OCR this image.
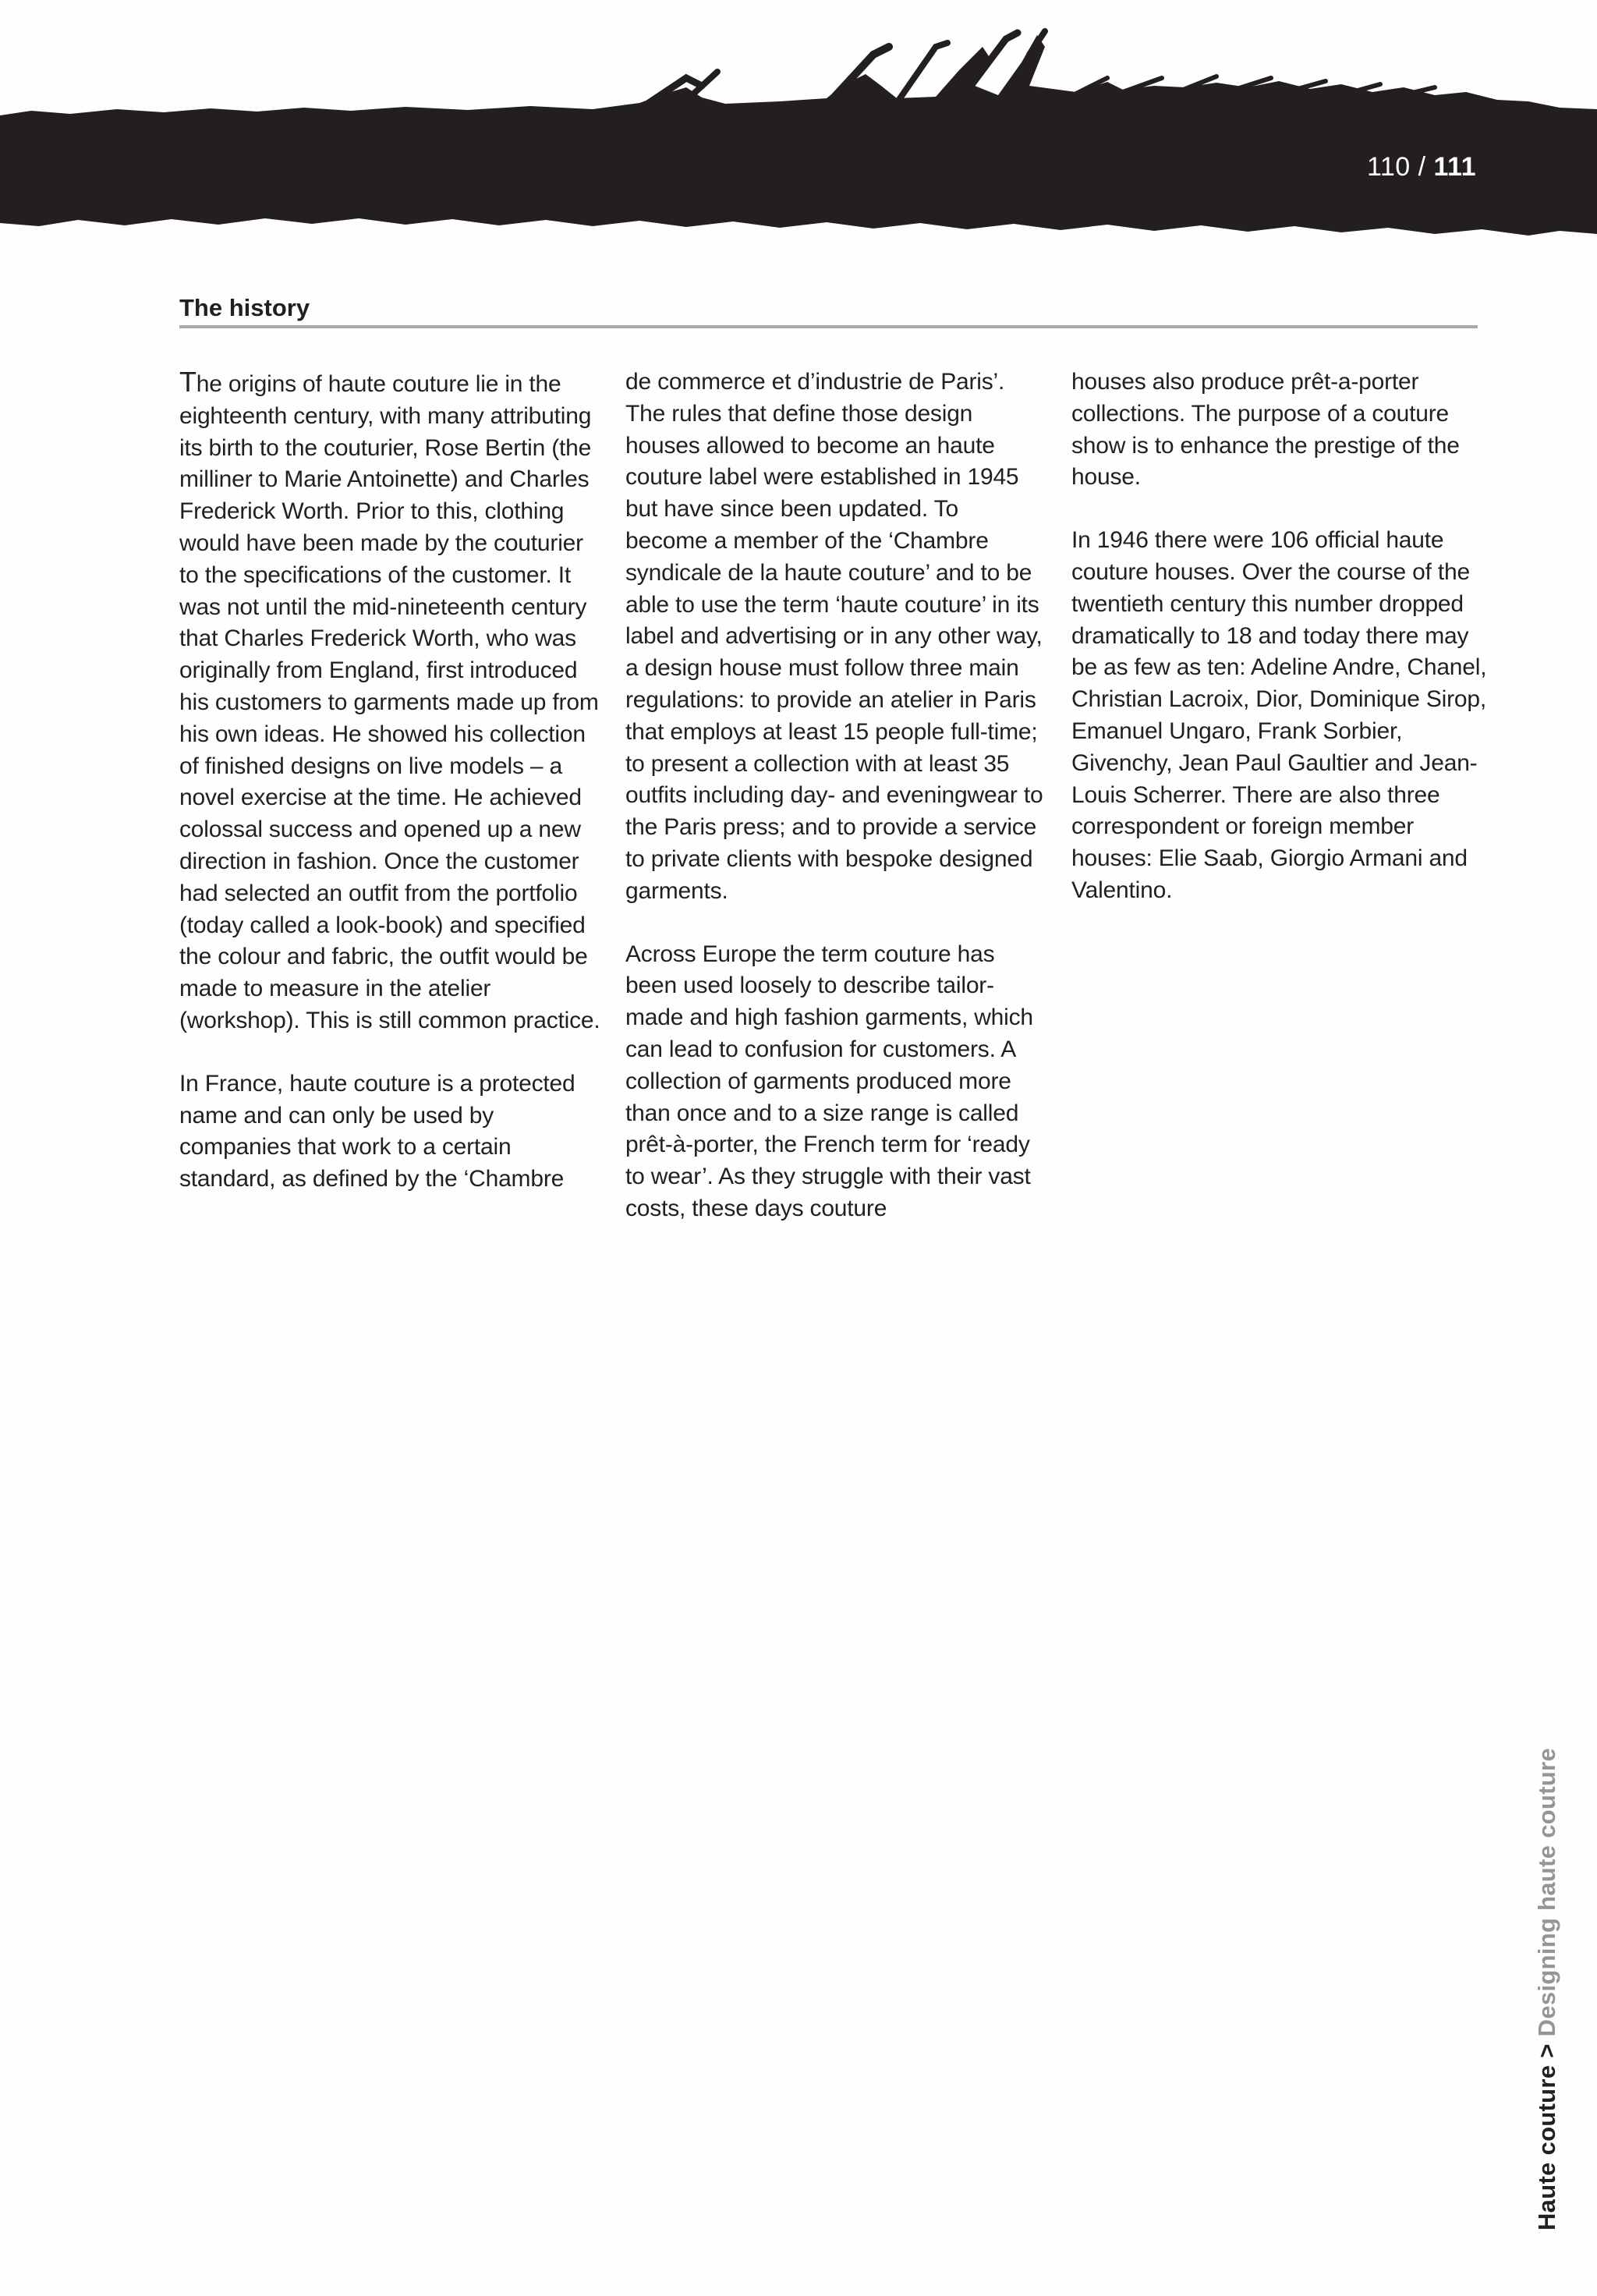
110 / 111
The history

The origins of haute couture lie in the eighteenth century, with many attributing its birth to the couturier, Rose Bertin (the milliner to Marie Antoinette) and Charles Frederick Worth. Prior to this, clothing would have been made by the couturier to the specifications of the customer. It was not until the mid-nineteenth century that Charles Frederick Worth, who was originally from England, first introduced his customers to garments made up from his own ideas. He showed his collection of finished designs on live models – a novel exercise at the time. He achieved colossal success and opened up a new direction in fashion. Once the customer had selected an outfit from the portfolio (today called a look-book) and specified the colour and fabric, the outfit would be made to measure in the atelier (workshop). This is still common practice.

In France, haute couture is a protected name and can only be used by companies that work to a certain standard, as defined by the ‘Chambre

de commerce et d’industrie de Paris’. The rules that define those design houses allowed to become an haute couture label were established in 1945 but have since been updated. To become a member of the ‘Chambre syndicale de la haute couture’ and to be able to use the term ‘haute couture’ in its label and advertising or in any other way, a design house must follow three main regulations: to provide an atelier in Paris that employs at least 15 people full-time; to present a collection with at least 35 outfits including day- and eveningwear to the Paris press; and to provide a service to private clients with bespoke designed garments.

Across Europe the term couture has been used loosely to describe tailor-made and high fashion garments, which can lead to confusion for customers. A collection of garments produced more than once and to a size range is called prêt-à-porter, the French term for ‘ready to wear’. As they struggle with their vast costs, these days couture

houses also produce prêt-a-porter collections. The purpose of a couture show is to enhance the prestige of the house.

In 1946 there were 106 official haute couture houses. Over the course of the twentieth century this number dropped dramatically to 18 and today there may be as few as ten: Adeline Andre, Chanel, Christian Lacroix, Dior, Dominique Sirop, Emanuel Ungaro, Frank Sorbier, Givenchy, Jean Paul Gaultier and Jean-Louis Scherrer. There are also three correspondent or foreign member houses: Elie Saab, Giorgio Armani and Valentino.

Haute couture > Designing haute couture
